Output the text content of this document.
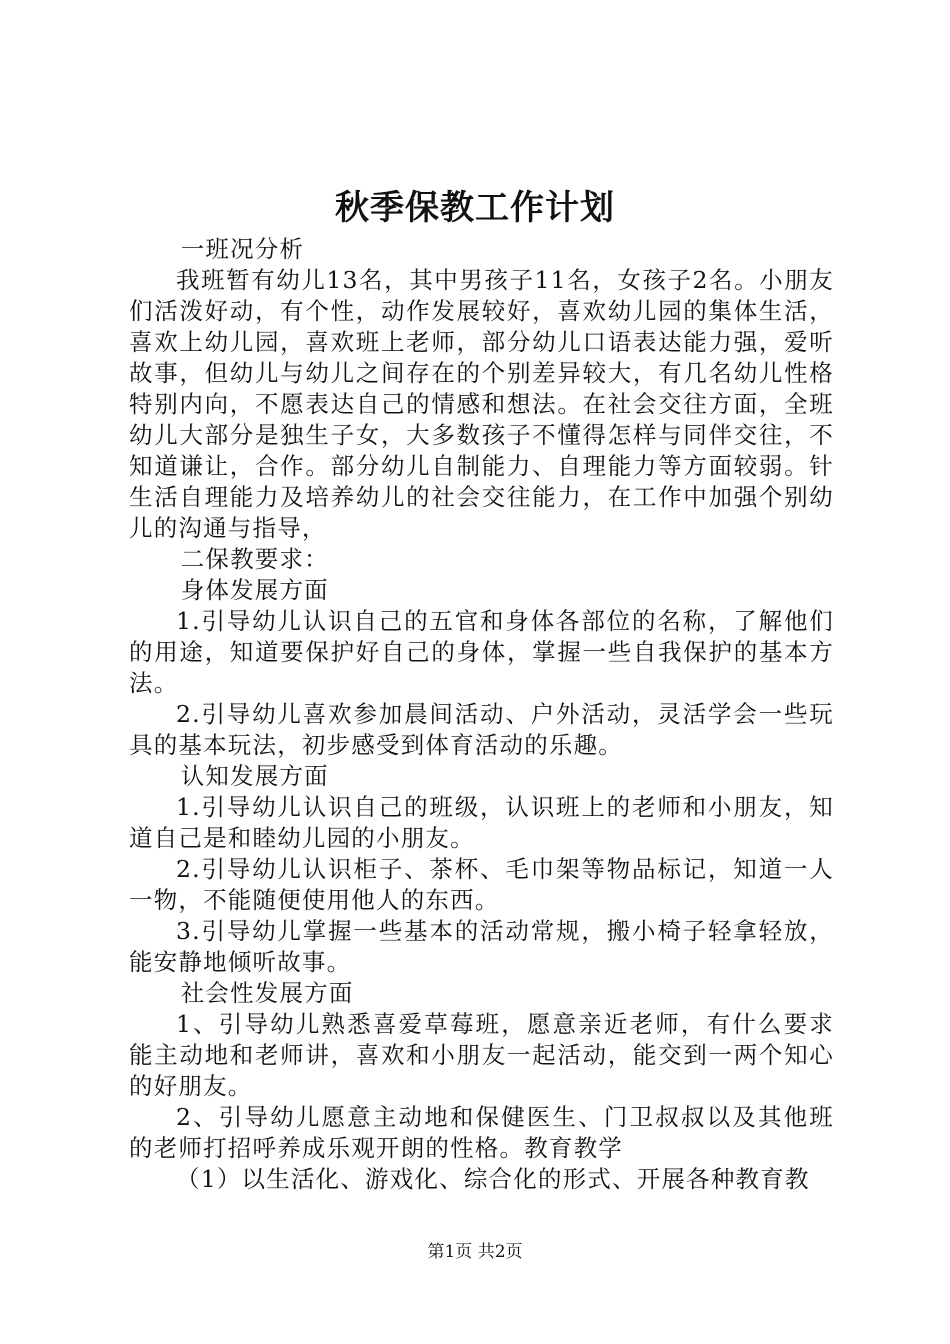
秋季保教工作计划

一班况分析

我班暂有幼儿13名，其中男孩子11名，女孩子2名。小朋友们活泼好动，有个性，动作发展较好，喜欢幼儿园的集体生活，喜欢上幼儿园，喜欢班上老师，部分幼儿口语表达能力强，爱听故事，但幼儿与幼儿之间存在的个别差异较大，有几名幼儿性格特别内向，不愿表达自己的情感和想法。在社会交往方面，全班幼儿大部分是独生子女，大多数孩子不懂得怎样与同伴交往，不知道谦让，合作。部分幼儿自制能力、自理能力等方面较弱。针生活自理能力及培养幼儿的社会交往能力，在工作中加强个别幼儿的沟通与指导，

二保教要求：

身体发展方面

1.引导幼儿认识自己的五官和身体各部位的名称，了解他们的用途，知道要保护好自己的身体，掌握一些自我保护的基本方法。

2.引导幼儿喜欢参加晨间活动、户外活动，灵活学会一些玩具的基本玩法，初步感受到体育活动的乐趣。

认知发展方面

1.引导幼儿认识自己的班级，认识班上的老师和小朋友，知道自己是和睦幼儿园的小朋友。

2.引导幼儿认识柜子、茶杯、毛巾架等物品标记，知道一人一物，不能随便使用他人的东西。

3.引导幼儿掌握一些基本的活动常规，搬小椅子轻拿轻放，能安静地倾听故事。

社会性发展方面

1、引导幼儿熟悉喜爱草莓班，愿意亲近老师，有什么要求能主动地和老师讲，喜欢和小朋友一起活动，能交到一两个知心的好朋友。

2、引导幼儿愿意主动地和保健医生、门卫叔叔以及其他班的老师打招呼养成乐观开朗的性格。教育教学

（1）以生活化、游戏化、综合化的形式、开展各种教育教

第1页 共2页
